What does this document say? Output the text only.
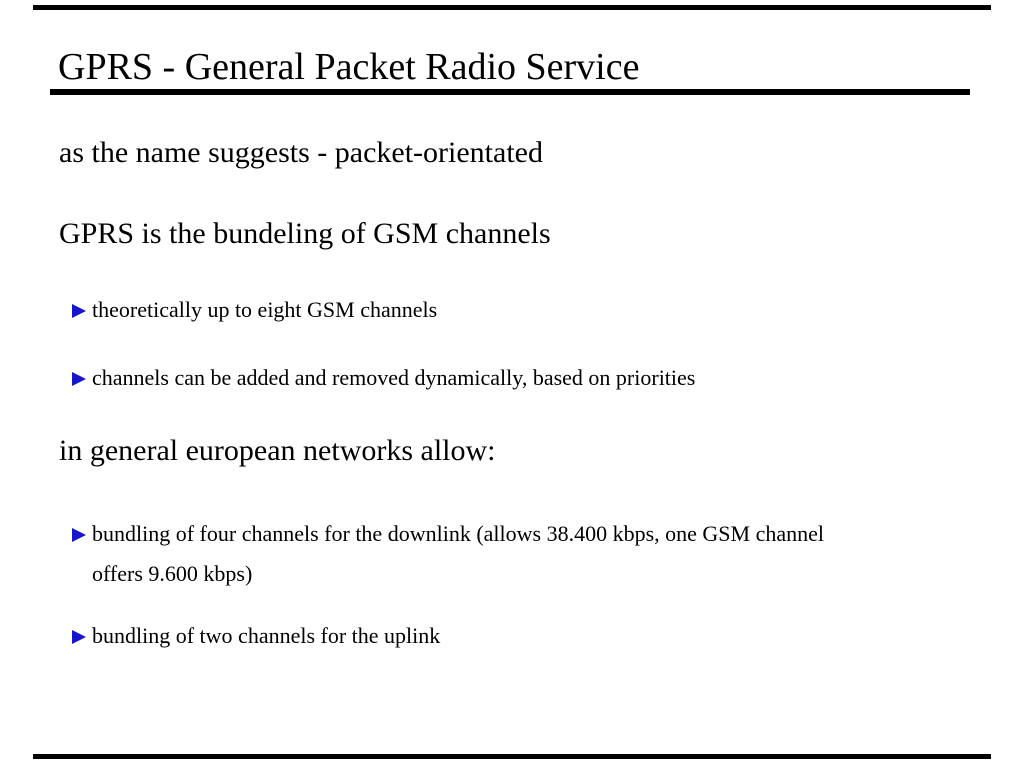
GPRS - General Packet Radio Service
as the name suggests - packet-orientated
GPRS is the bundeling of GSM channels
theoretically up to eight GSM channels
channels can be added and removed dynamically, based on priorities
in general european networks allow:
bundling of four channels for the downlink (allows 38.400 kbps, one GSM channel
offers 9.600 kbps)
bundling of two channels for the uplink
